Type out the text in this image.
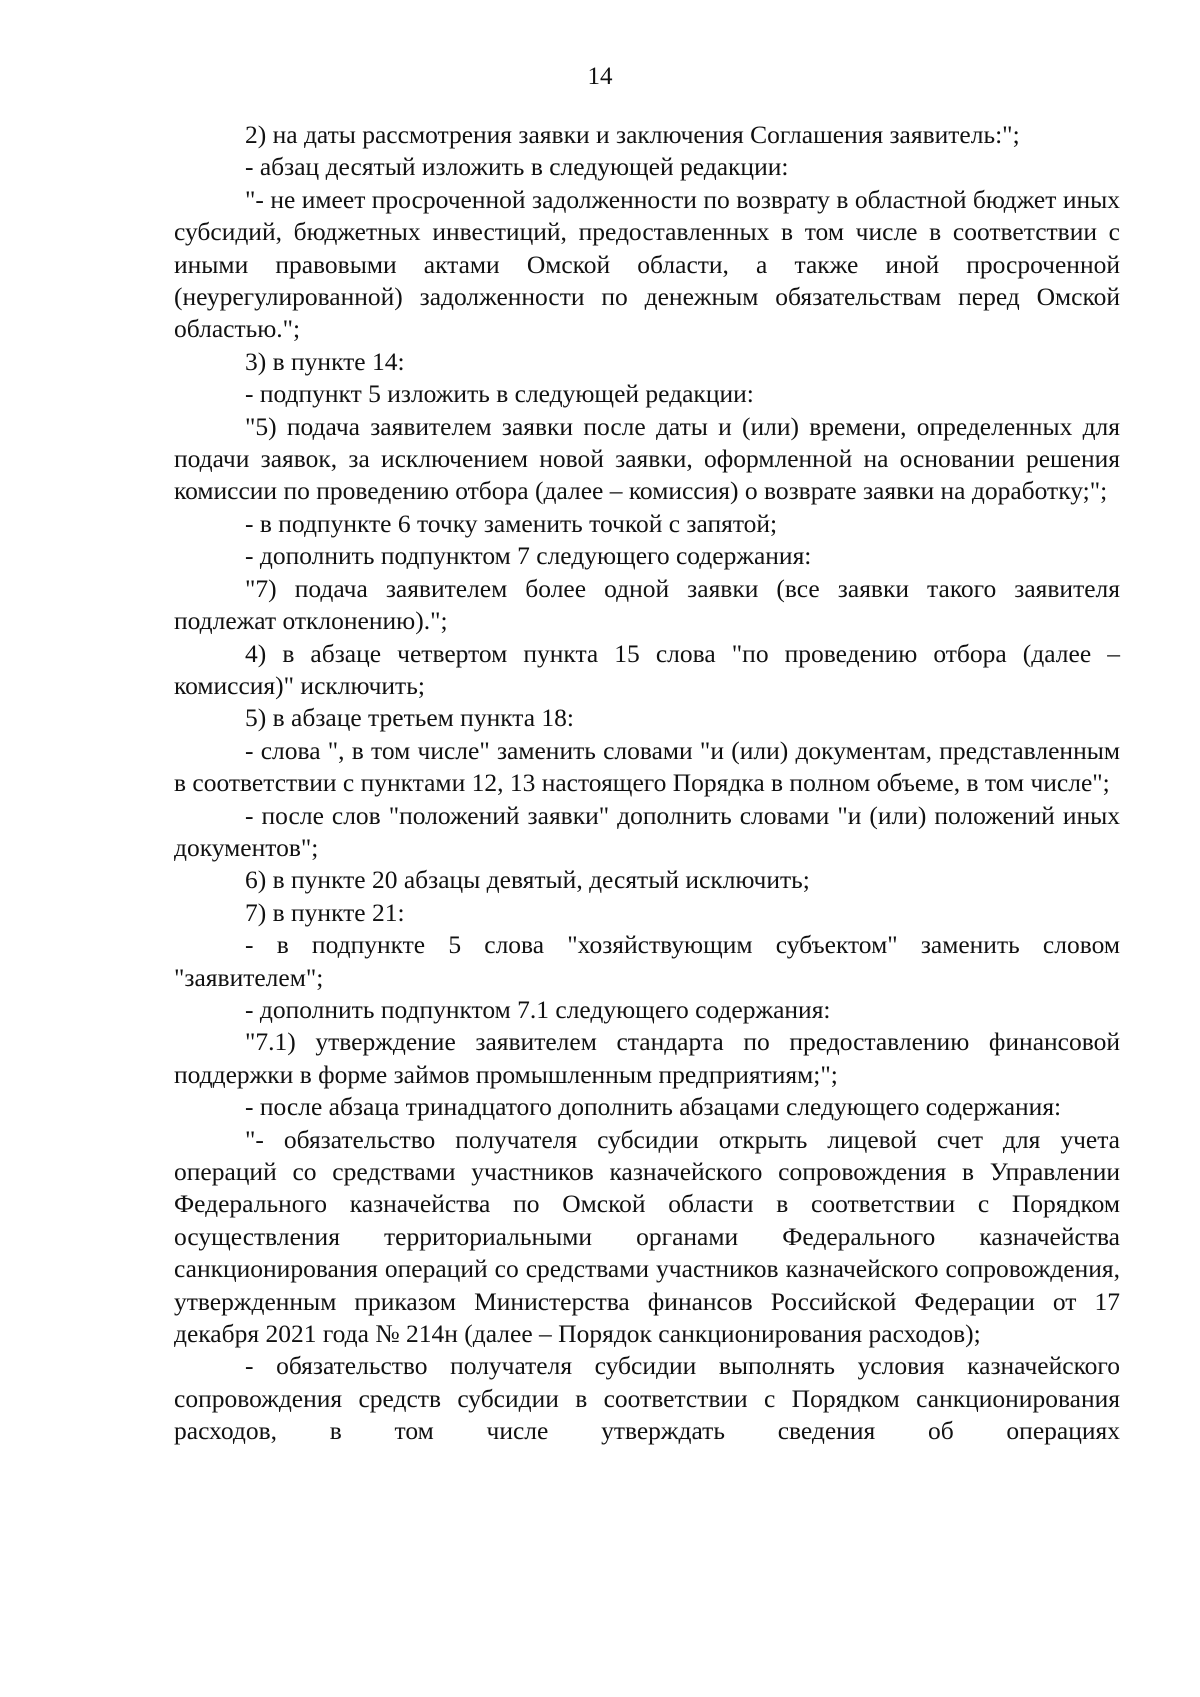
14

2) на даты рассмотрения заявки и заключения Соглашения заявитель:";

- абзац десятый изложить в следующей редакции:

"- не имеет просроченной задолженности по возврату в областной бюджет иных субсидий, бюджетных инвестиций, предоставленных в том числе в соответствии с иными правовыми актами Омской области, а также иной просроченной (неурегулированной) задолженности по денежным обязательствам перед Омской областью.";

3) в пункте 14:

- подпункт 5 изложить в следующей редакции:

"5) подача заявителем заявки после даты и (или) времени, определенных для подачи заявок, за исключением новой заявки, оформленной на основании решения комиссии по проведению отбора (далее – комиссия) о возврате заявки на доработку;";

- в подпункте 6 точку заменить точкой с запятой;

- дополнить подпунктом 7 следующего содержания:

"7) подача заявителем более одной заявки (все заявки такого заявителя подлежат отклонению).";

4) в абзаце четвертом пункта 15 слова "по проведению отбора (далее – комиссия)" исключить;

5) в абзаце третьем пункта 18:

- слова ", в том числе" заменить словами "и (или) документам, представленным в соответствии с пунктами 12, 13 настоящего Порядка в полном объеме, в том числе";

- после слов "положений заявки" дополнить словами "и (или) положений иных документов";

6) в пункте 20 абзацы девятый, десятый исключить;

7) в пункте 21:

- в подпункте 5 слова "хозяйствующим субъектом" заменить словом "заявителем";

- дополнить подпунктом 7.1 следующего содержания:

"7.1) утверждение заявителем стандарта по предоставлению финансовой поддержки в форме займов промышленным предприятиям;";

- после абзаца тринадцатого дополнить абзацами следующего содержания:

"- обязательство получателя субсидии открыть лицевой счет для учета операций со средствами участников казначейского сопровождения в Управлении Федерального казначейства по Омской области в соответствии с Порядком осуществления территориальными органами Федерального казначейства санкционирования операций со средствами участников казначейского сопровождения, утвержденным приказом Министерства финансов Российской Федерации от 17 декабря 2021 года № 214н (далее – Порядок санкционирования расходов);

- обязательство получателя субсидии выполнять условия казначейского сопровождения средств субсидии в соответствии с Порядком санкционирования расходов, в том числе утверждать сведения об операциях
